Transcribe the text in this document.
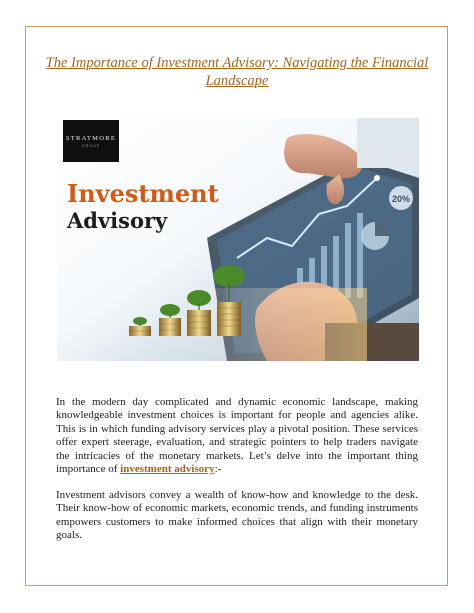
The Importance of Investment Advisory: Navigating the Financial Landscape
20%
STRATMORE
GROUP
Investment
Advisory

In the modern day complicated and dynamic economic landscape, making knowledgeable investment choices is important for people and agencies alike. This is in which funding advisory services play a pivotal position. These services offer expert steerage, evaluation, and strategic pointers to help traders navigate the intricacies of the monetary markets. Let’s delve into the important thing importance of investment advisory:-

Investment advisors convey a wealth of know-how and knowledge to the desk. Their know-how of economic markets, economic trends, and funding instruments empowers customers to make informed choices that align with their monetary goals.
